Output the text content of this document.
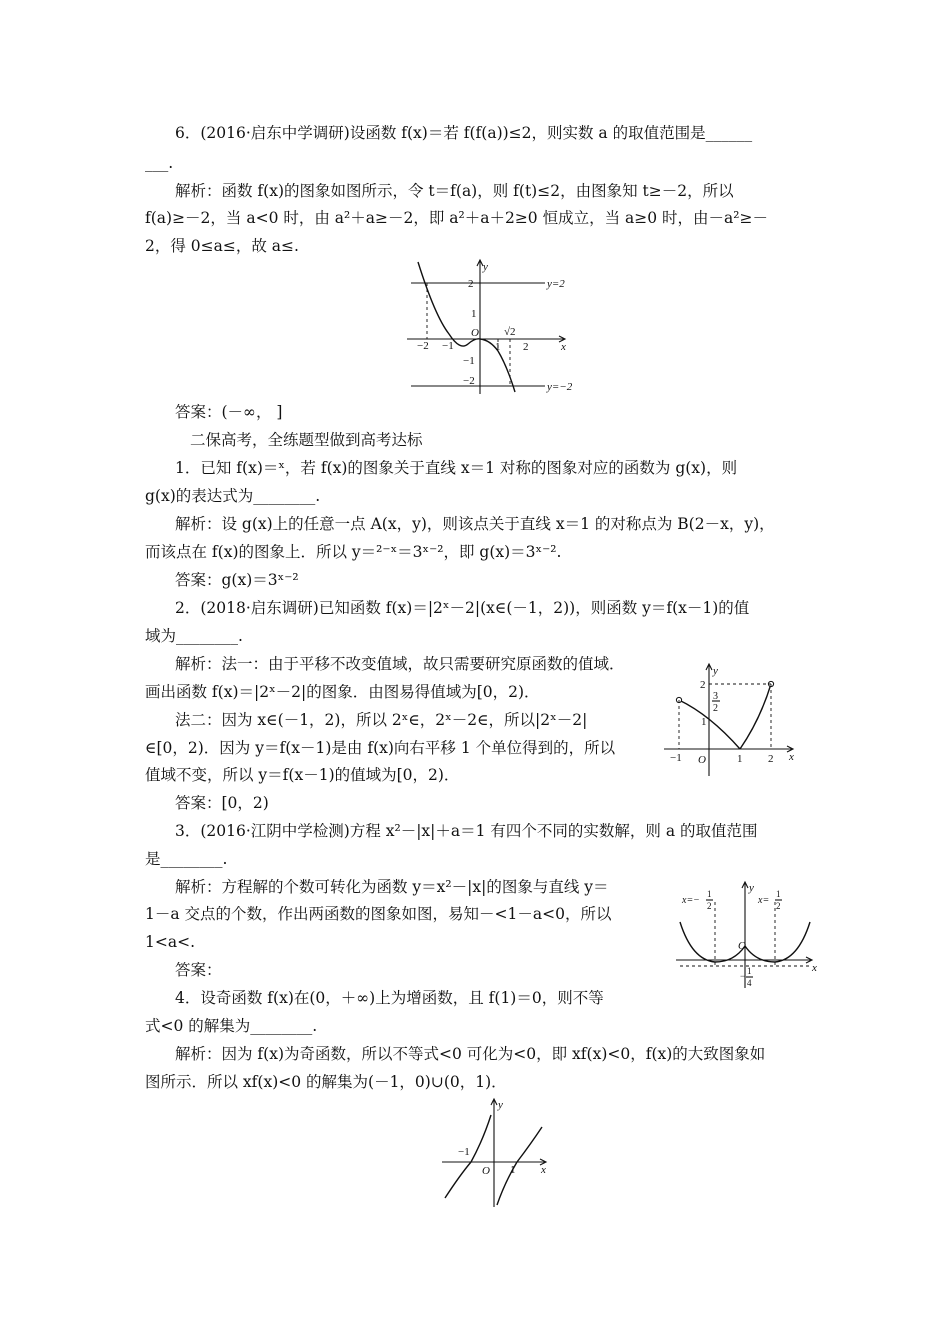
6．(2016·启东中学调研)设函数 f(x)＝若 f(f(a))≤2，则实数 a 的取值范围是______
___.
解析：函数 f(x)的图象如图所示，令 t＝f(a)，则 f(t)≤2，由图象知 t≥－2，所以
f(a)≥－2，当 a<0 时，由 a²＋a≥－2，即 a²＋a＋2≥0 恒成立，当 a≥0 时，由－a²≥－
2，得 0≤a≤，故 a≤.
y
x
O
2
1
−1
−2
−2 −1	1
√2
2
y=2
y=−2
答案：(－∞， ]
二保高考，全练题型做到高考达标
1．已知 f(x)＝ˣ，若 f(x)的图象关于直线 x＝1 对称的图象对应的函数为 g(x)，则
g(x)的表达式为________.
解析：设 g(x)上的任意一点 A(x，y)，则该点关于直线 x＝1 的对称点为 B(2－x，y)，
而该点在 f(x)的图象上．所以 y＝²⁻ˣ＝3ˣ⁻²，即 g(x)＝3ˣ⁻².
答案：g(x)＝3ˣ⁻²
2．(2018·启东调研)已知函数 f(x)＝|2ˣ－2|(x∈(－1，2))，则函数 y＝f(x－1)的值
域为________.
解析：法一：由于平移不改变值域，故只需要研究原函数的值域．
画出函数 f(x)＝|2ˣ－2|的图象．由图易得值域为[0，2)．
法二：因为 x∈(－1，2)，所以 2ˣ∈，2ˣ－2∈，所以|2ˣ－2|
∈[0，2)．因为 y＝f(x－1)是由 f(x)向右平移 1 个单位得到的，所以
值域不变，所以 y＝f(x－1)的值域为[0，2)．
答案：[0，2)
y
x
O
2
3
2
1
−1	1 2
3．(2016·江阴中学检测)方程 x²－|x|＋a＝1 有四个不同的实数解，则 a 的取值范围
是________.
解析：方程解的个数可转化为函数 y＝x²－|x|的图象与直线 y＝
1－a 交点的个数，作出两函数的图象如图，易知－<1－a<0，所以
1<a<.
答案：
y
x
O
x=−
1
2	x=
1
2
− 1
4
4．设奇函数 f(x)在(0，＋∞)上为增函数，且 f(1)＝0，则不等
式<0 的解集为________.
解析：因为 f(x)为奇函数，所以不等式<0 可化为<0，即 xf(x)<0，f(x)的大致图象如
图所示．所以 xf(x)<0 的解集为(－1，0)∪(0，1)．
y
x
O
−1
1
